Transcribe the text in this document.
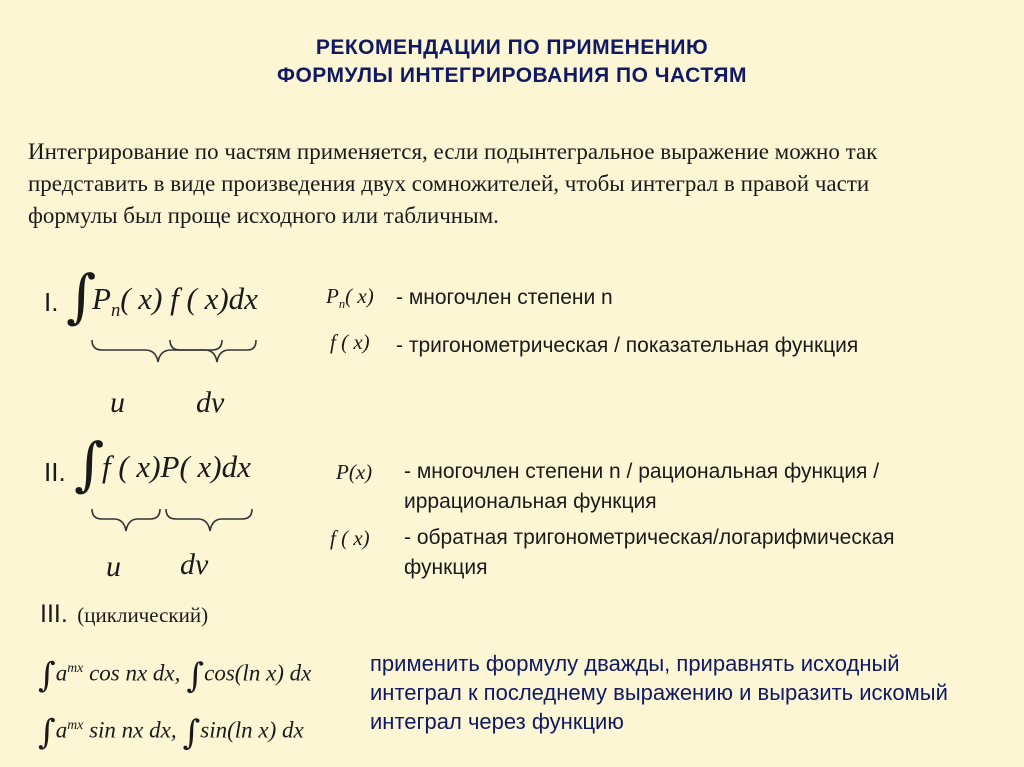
РЕКОМЕНДАЦИИ ПО ПРИМЕНЕНИЮ
ФОРМУЛЫ ИНТЕГРИРОВАНИЯ ПО ЧАСТЯМ
Интегрирование по частям применяется, если подынтегральное выражение можно так
представить в виде произведения двух сомножителей, чтобы интеграл в правой части
формулы был проще исходного или табличным.
I. ∫
$P_n$( x) f ( x)dx
u dv
$P_n$( x) - многочлен степени n
f ( x) - тригонометрическая / показательная функция
II. ∫
f ( x)P( x)dx
u dv
P(x) - многочлен степени n / рациональная функция /
иррациональная функция
f ( x) - обратная тригонометрическая/логарифмическая
функция
III. (циклический)
$\int a^{mx}$ cos nx dx, ∫cos(ln x) dx
$\int a^{mx}$ sin nx dx, ∫sin(ln x) dx
применить формулу дважды, приравнять исходный
интеграл к последнему выражению и выразить искомый
интеграл через функцию
